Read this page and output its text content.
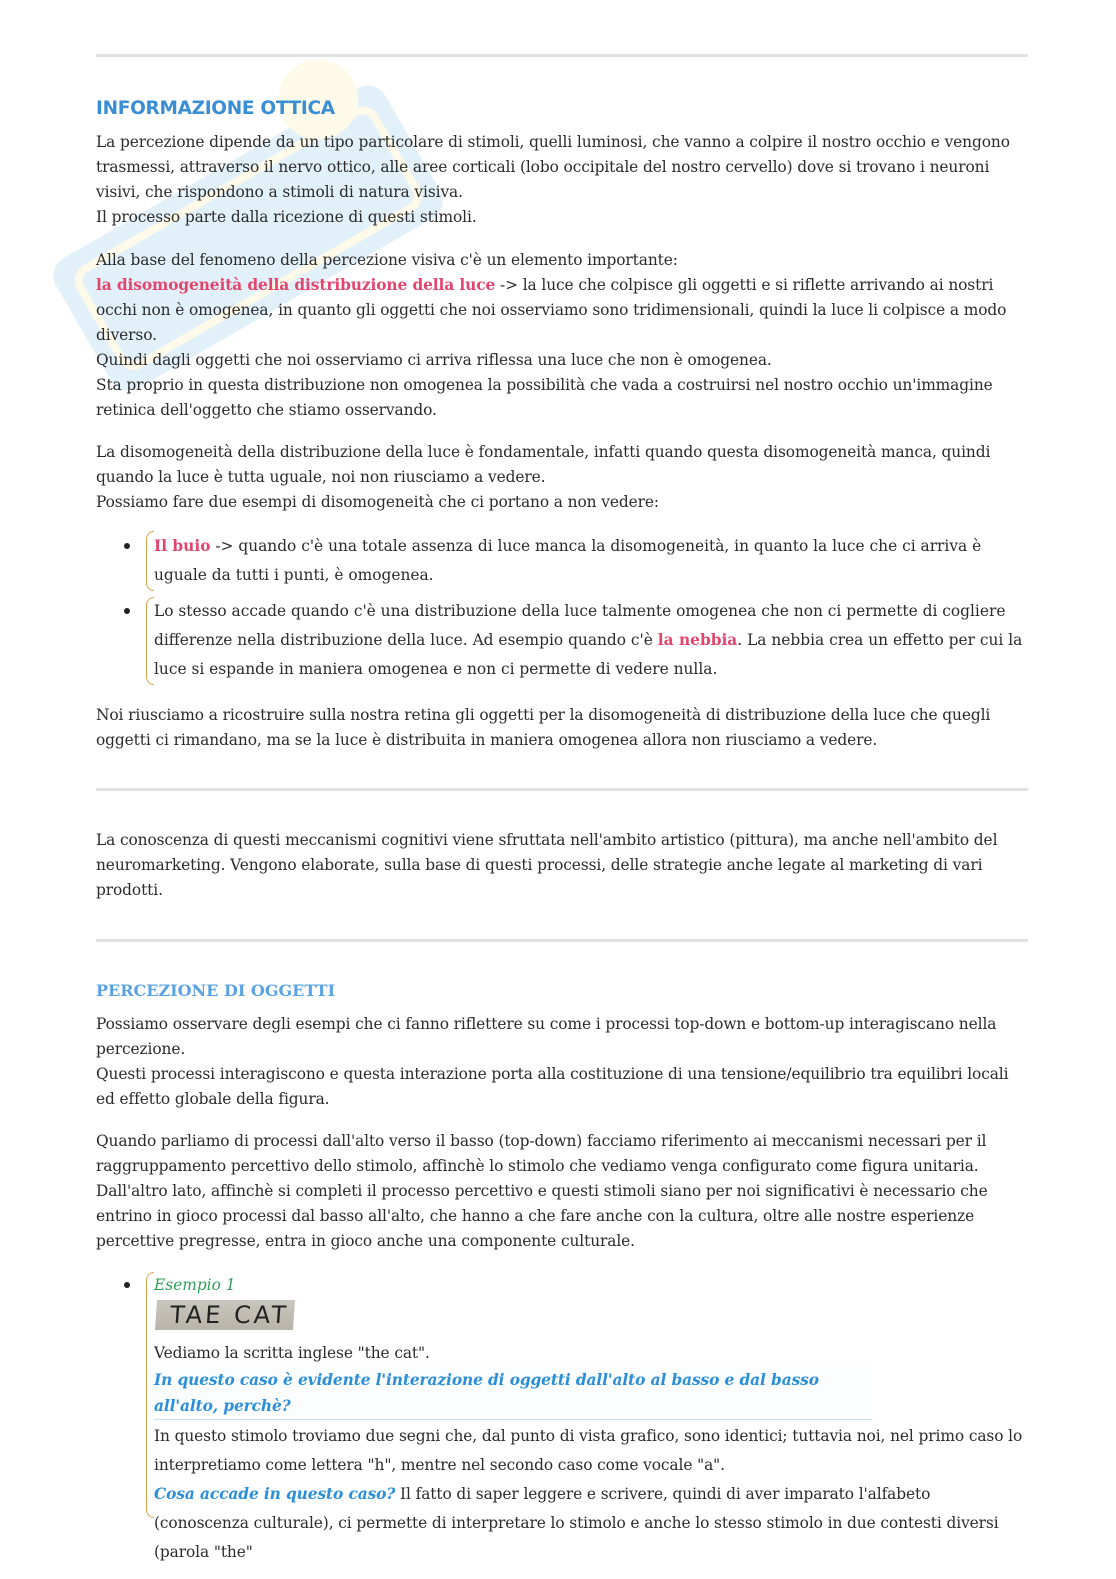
INFORMAZIONE OTTICA

La percezione dipende da un tipo particolare di stimoli, quelli luminosi, che vanno a colpire il nostro occhio e vengono trasmessi, attraverso il nervo ottico, alle aree corticali (lobo occipitale del nostro cervello) dove si trovano i neuroni visivi, che rispondono a stimoli di natura visiva.

Il processo parte dalla ricezione di questi stimoli.

Alla base del fenomeno della percezione visiva c'è un elemento importante:

la disomogeneità della distribuzione della luce -> la luce che colpisce gli oggetti e si riflette arrivando ai nostri occhi non è omogenea, in quanto gli oggetti che noi osserviamo sono tridimensionali, quindi la luce li colpisce a modo diverso.

Quindi dagli oggetti che noi osserviamo ci arriva riflessa una luce che non è omogenea.

Sta proprio in questa distribuzione non omogenea la possibilità che vada a costruirsi nel nostro occhio un'immagine retinica dell'oggetto che stiamo osservando.

La disomogeneità della distribuzione della luce è fondamentale, infatti quando questa disomogeneità manca, quindi quando la luce è tutta uguale, noi non riusciamo a vedere.

Possiamo fare due esempi di disomogeneità che ci portano a non vedere:

Il buio -> quando c'è una totale assenza di luce manca la disomogeneità, in quanto la luce che ci arriva è uguale da tutti i punti, è omogenea.
Lo stesso accade quando c'è una distribuzione della luce talmente omogenea che non ci permette di cogliere differenze nella distribuzione della luce. Ad esempio quando c'è la nebbia. La nebbia crea un effetto per cui la luce si espande in maniera omogenea e non ci permette di vedere nulla.

Noi riusciamo a ricostruire sulla nostra retina gli oggetti per la disomogeneità di distribuzione della luce che quegli oggetti ci rimandano, ma se la luce è distribuita in maniera omogenea allora non riusciamo a vedere.

La conoscenza di questi meccanismi cognitivi viene sfruttata nell'ambito artistico (pittura), ma anche nell'ambito del neuromarketing. Vengono elaborate, sulla base di questi processi, delle strategie anche legate al marketing di vari prodotti.

PERCEZIONE DI OGGETTI

Possiamo osservare degli esempi che ci fanno riflettere su come i processi top-down e bottom-up interagiscano nella percezione.

Questi processi interagiscono e questa interazione porta alla costituzione di una tensione/equilibrio tra equilibri locali ed effetto globale della figura.

Quando parliamo di processi dall'alto verso il basso (top-down) facciamo riferimento ai meccanismi necessari per il raggruppamento percettivo dello stimolo, affinchè lo stimolo che vediamo venga configurato come figura unitaria.

Dall'altro lato, affinchè si completi il processo percettivo e questi stimoli siano per noi significativi è necessario che entrino in gioco processi dal basso all'alto, che hanno a che fare anche con la cultura, oltre alle nostre esperienze percettive pregresse, entra in gioco anche una componente culturale.

Esempio 1
TAE CAT

Vediamo la scritta inglese "the cat".

In questo caso è evidente l'interazione di oggetti dall'alto al basso e dal basso all'alto, perchè?

In questo stimolo troviamo due segni che, dal punto di vista grafico, sono identici; tuttavia noi, nel primo caso lo interpretiamo come lettera "h", mentre nel secondo caso come vocale "a".

Cosa accade in questo caso? Il fatto di saper leggere e scrivere, quindi di aver imparato l'alfabeto (conoscenza culturale), ci permette di interpretare lo stimolo e anche lo stesso stimolo in due contesti diversi (parola "the"
